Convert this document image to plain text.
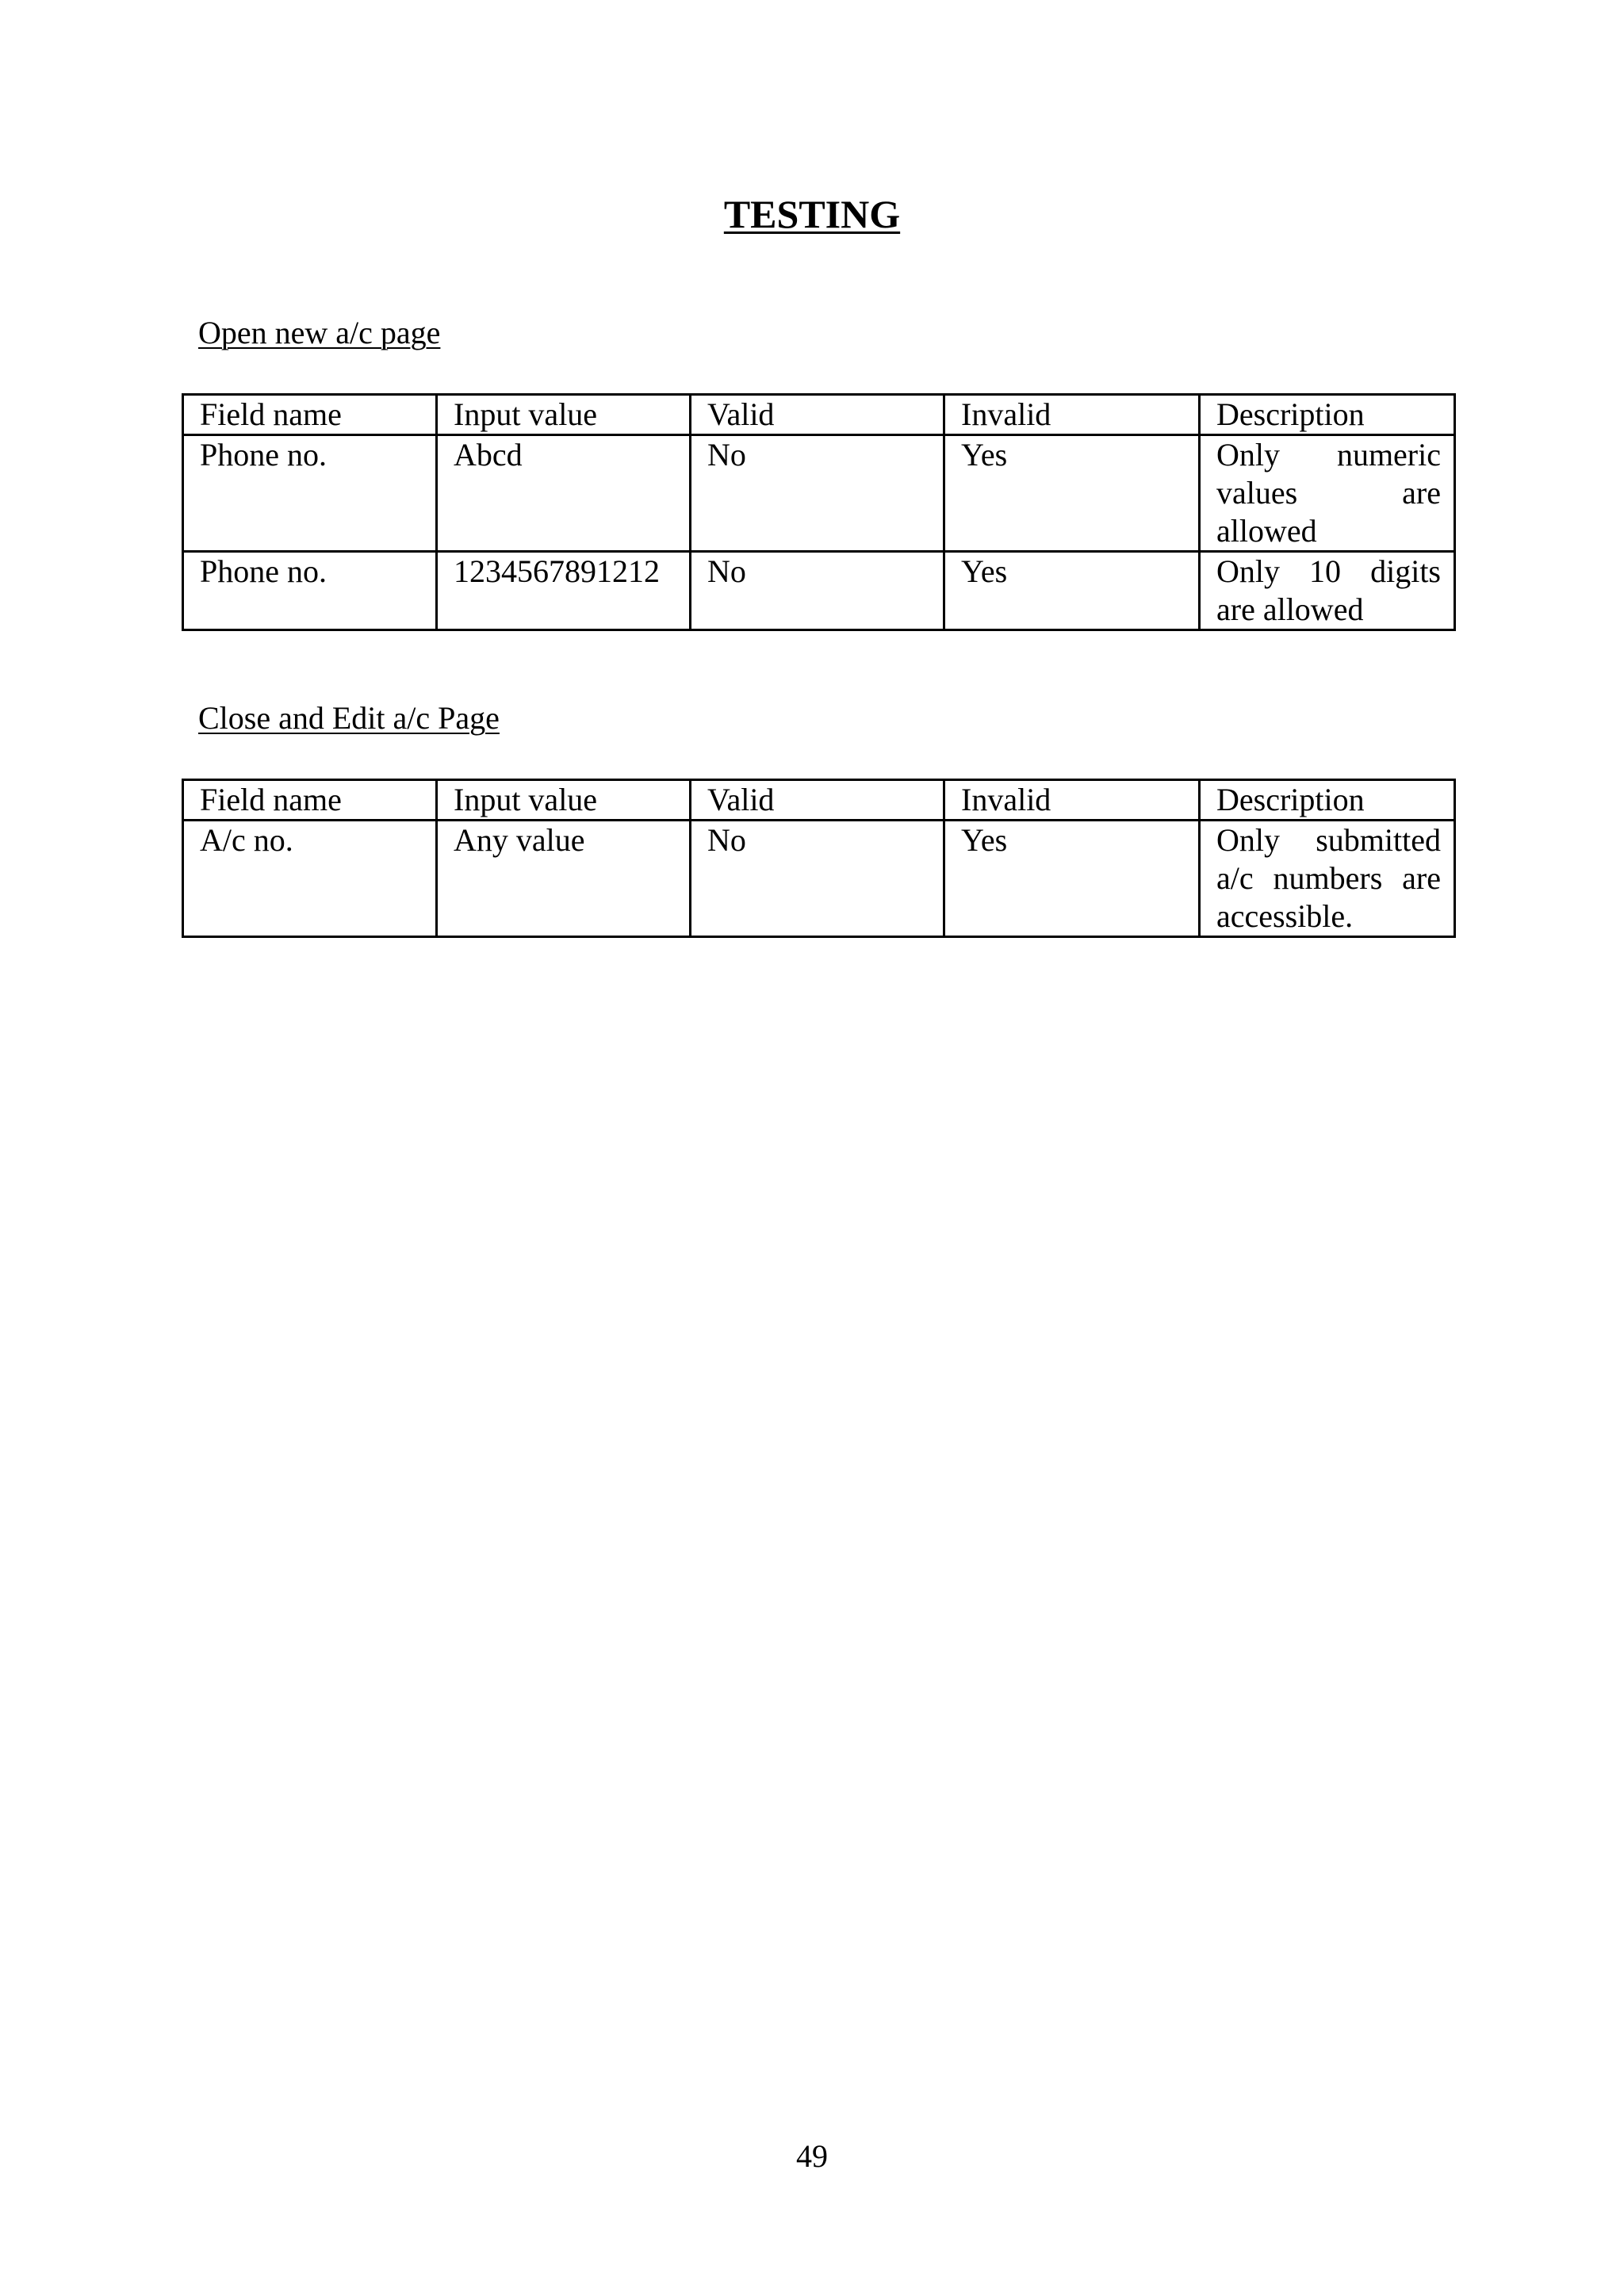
TESTING
Open new a/c page
Field name	Input value	Valid	Invalid	Description
Phone no.	Abcd	No	Yes	Only numeric values are allowed
Phone no.	1234567891212	No	Yes	Only 10 digits are allowed
Close and Edit a/c Page
Field name	Input value	Valid	Invalid	Description
A/c no.	Any value	No	Yes	Only submitted a/c numbers are accessible.
49
